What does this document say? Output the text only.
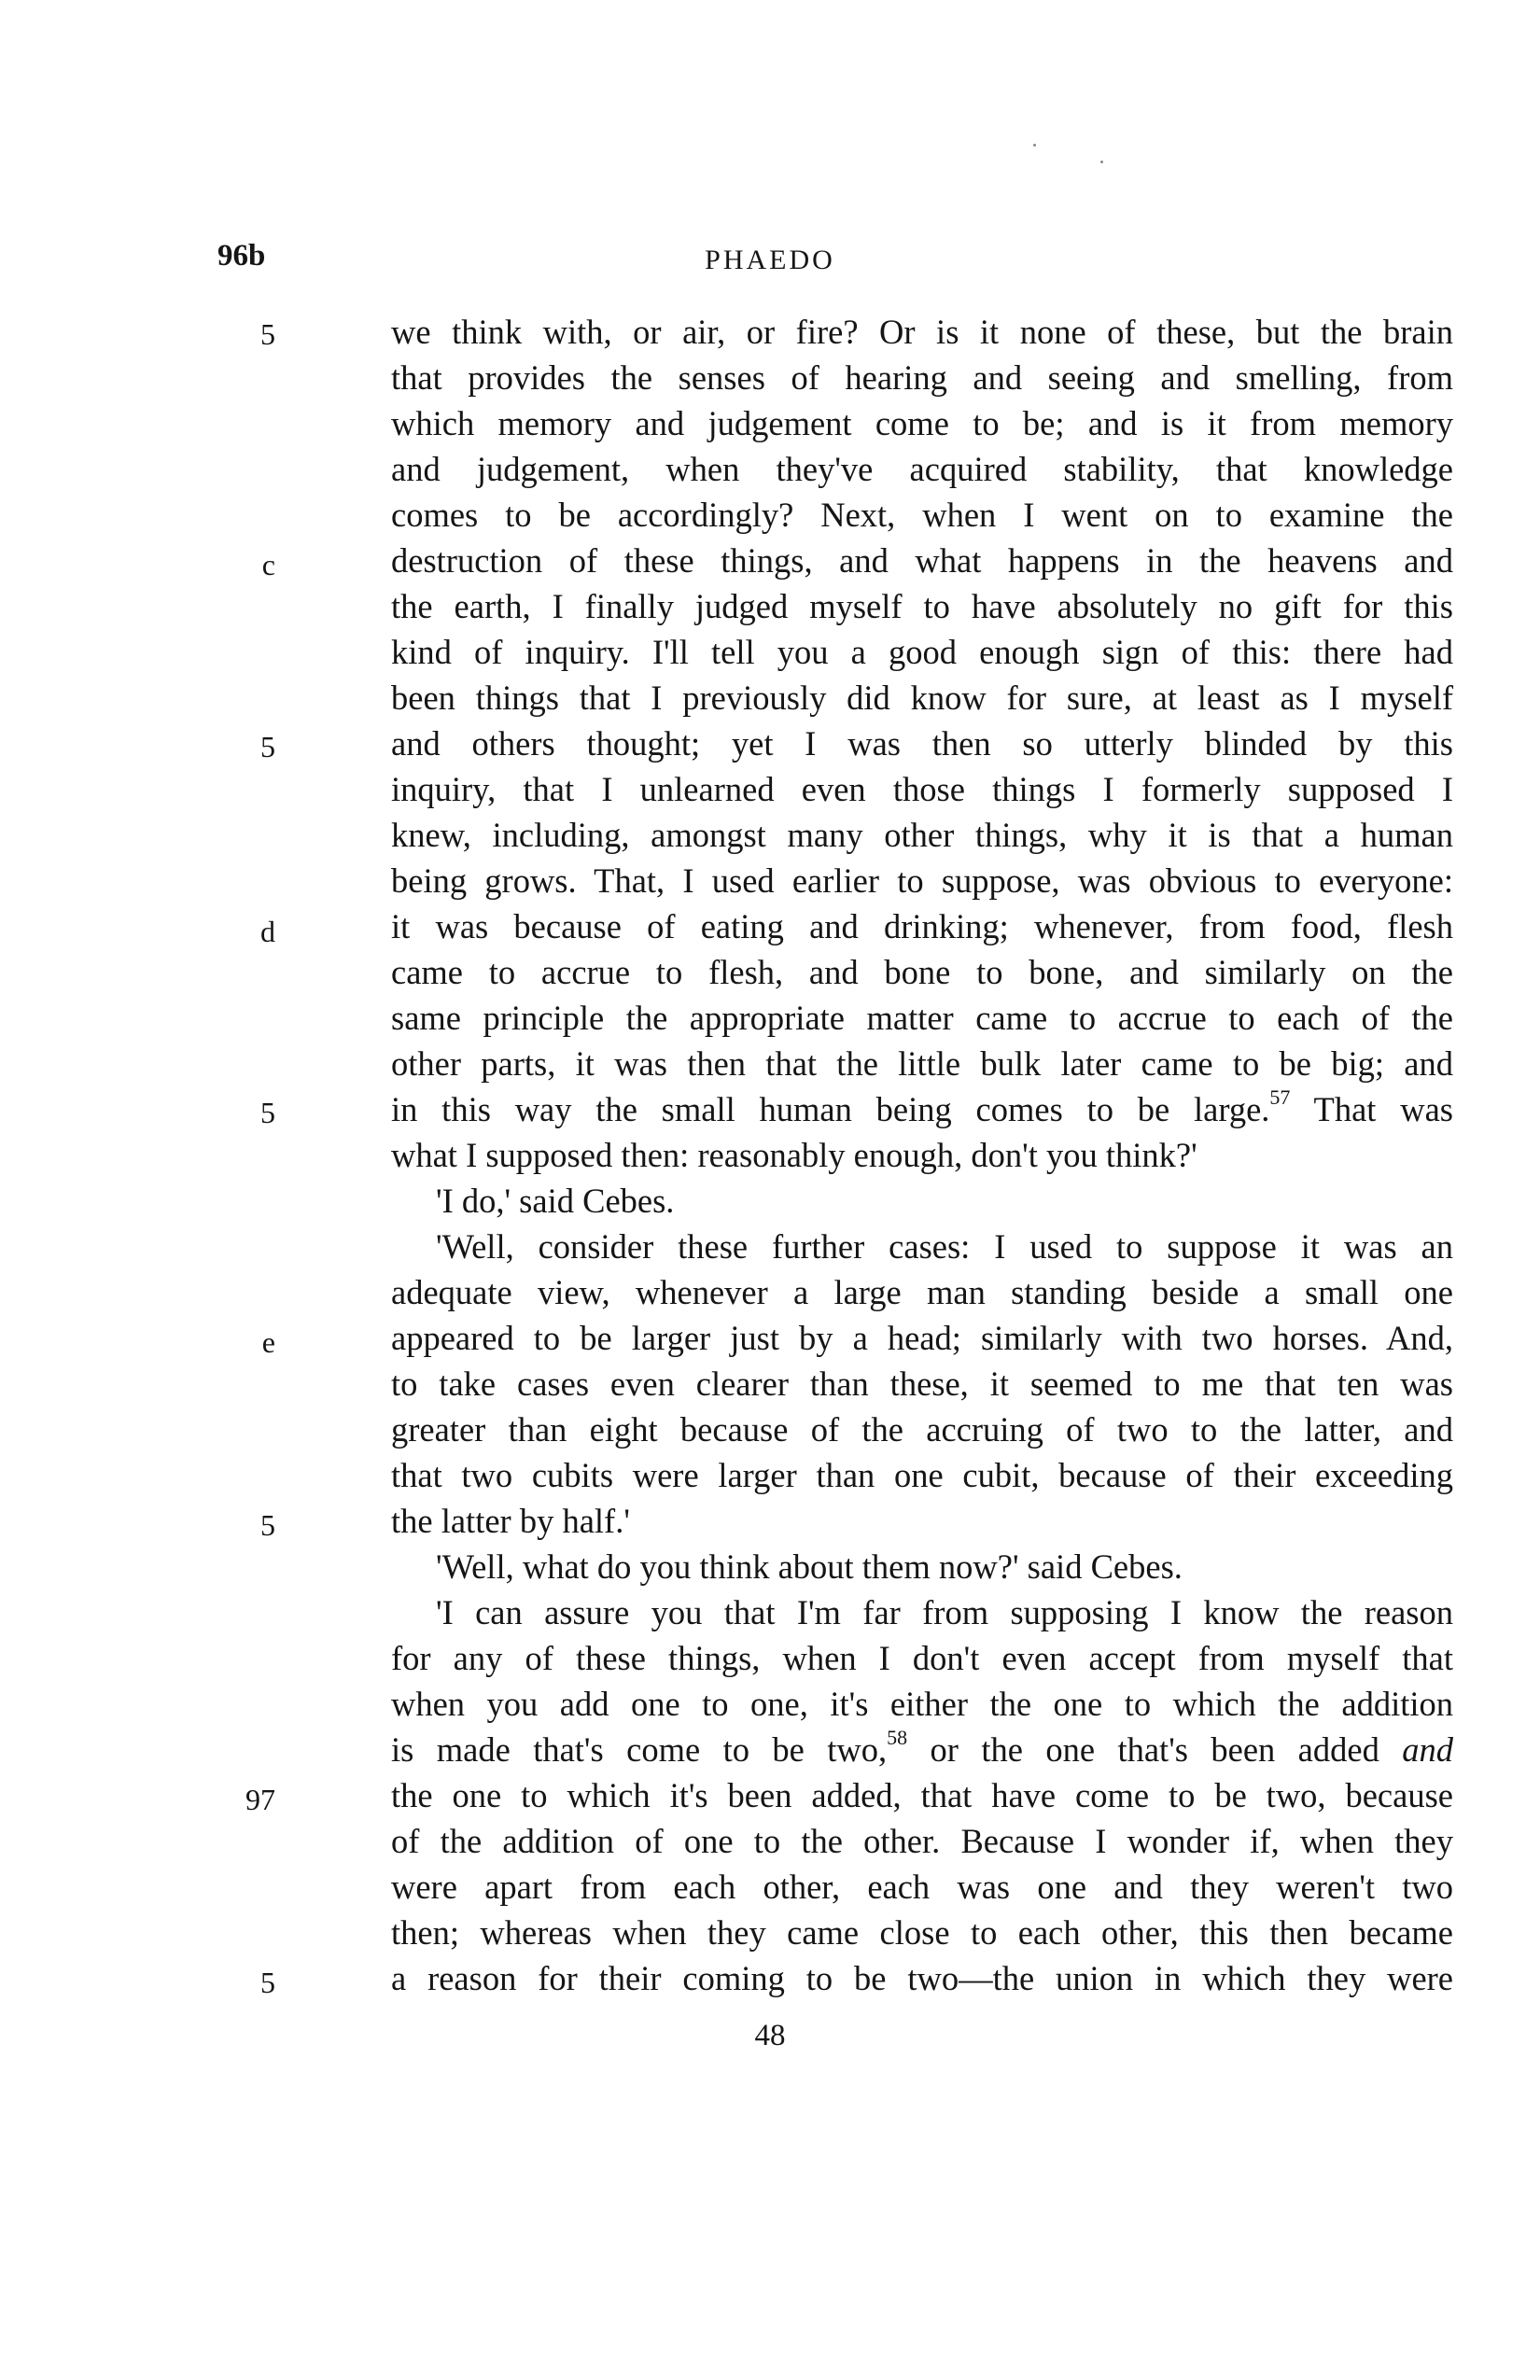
96b	PHAEDO
5
c
5
d
5
e
5
97
5
we think with, or air, or fire? Or is it none of these, but the brain
that provides the senses of hearing and seeing and smelling, from
which memory and judgement come to be; and is it from memory
and judgement, when they've acquired stability, that knowledge
comes to be accordingly? Next, when I went on to examine the
destruction of these things, and what happens in the heavens and
the earth, I finally judged myself to have absolutely no gift for this
kind of inquiry. I'll tell you a good enough sign of this: there had
been things that I previously did know for sure, at least as I myself
and others thought; yet I was then so utterly blinded by this
inquiry, that I unlearned even those things I formerly supposed I
knew, including, amongst many other things, why it is that a human
being grows. That, I used earlier to suppose, was obvious to everyone:
it was because of eating and drinking; whenever, from food, flesh
came to accrue to flesh, and bone to bone, and similarly on the
same principle the appropriate matter came to accrue to each of the
other parts, it was then that the little bulk later came to be big; and
in this way the small human being comes to be large.$^{57}$ That was
what I supposed then: reasonably enough, don't you think?'
'I do,' said Cebes.
'Well, consider these further cases: I used to suppose it was an
adequate view, whenever a large man standing beside a small one
appeared to be larger just by a head; similarly with two horses. And,
to take cases even clearer than these, it seemed to me that ten was
greater than eight because of the accruing of two to the latter, and
that two cubits were larger than one cubit, because of their exceeding
the latter by half.'
'Well, what do you think about them now?' said Cebes.
'I can assure you that I'm far from supposing I know the reason
for any of these things, when I don't even accept from myself that
when you add one to one, it's either the one to which the addition
is made that's come to be two,$^{58}$ or the one that's been added and
the one to which it's been added, that have come to be two, because
of the addition of one to the other. Because I wonder if, when they
were apart from each other, each was one and they weren't two
then; whereas when they came close to each other, this then became
a reason for their coming to be two—the union in which they were
48
